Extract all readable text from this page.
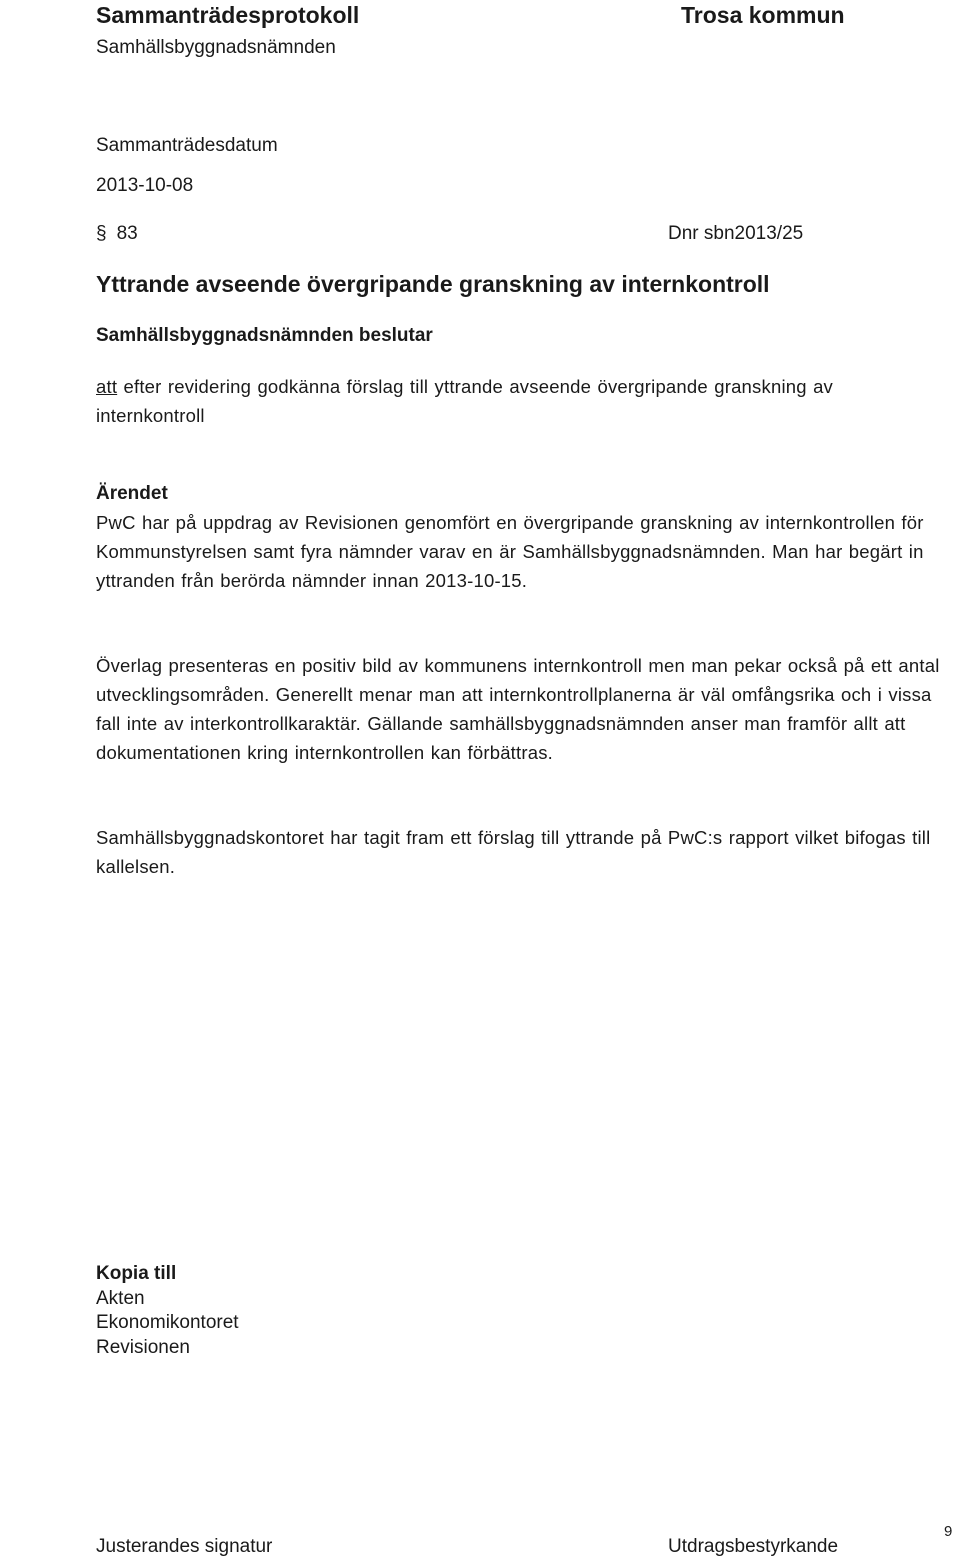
Sammanträdesprotokoll	Trosa kommun
Samhällsbyggnadsnämnden
Sammanträdesdatum
2013-10-08
§ 83	Dnr sbn2013/25
Yttrande avseende övergripande granskning av internkontroll
Samhällsbyggnadsnämnden beslutar
att efter revidering godkänna förslag till yttrande avseende övergripande granskning av internkontroll
Ärendet
PwC har på uppdrag av Revisionen genomfört en övergripande granskning av internkontrollen för Kommunstyrelsen samt fyra nämnder varav en är Samhällsbyggnadsnämnden. Man har begärt in yttranden från berörda nämnder innan 2013-10-15.
Överlag presenteras en positiv bild av kommunens internkontroll men man pekar också på ett antal utvecklingsområden. Generellt menar man att internkontrollplanerna är väl omfångsrika och i vissa fall inte av interkontrollkaraktär. Gällande samhällsbyggnadsnämnden anser man framför allt att dokumentationen kring internkontrollen kan förbättras.
Samhällsbyggnadskontoret har tagit fram ett förslag till yttrande på PwC:s rapport vilket bifogas till kallelsen.
Kopia till
Akten
Ekonomikontoret
Revisionen
Justerandes signatur	Utdragsbestyrkande
9
